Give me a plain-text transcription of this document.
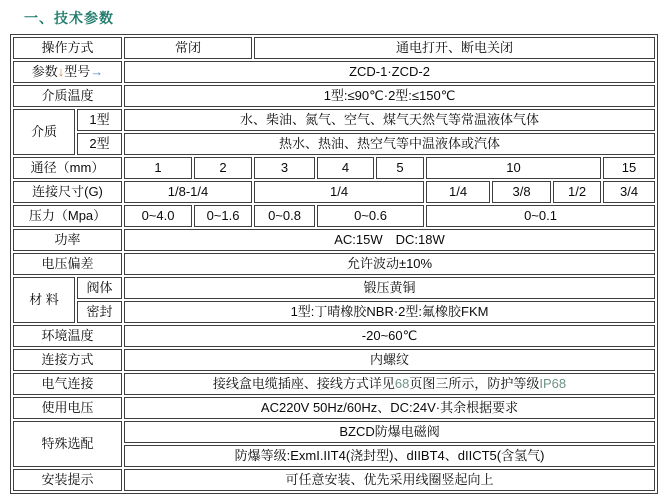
一、技术参数
操作方式		常闭		通电打开、断电关闭						
参数↓型号→		ZCD-1·ZCD-2								
介质温度		1型:≤90℃·2型:≤150℃								
介质	1型	水、柴油、氮气、空气、煤气天然气等常温液体气体								
	2型	热水、热油、热空气等中温液体或汽体								
通径（mm）		1	2	3	4	5	10			15
连接尺寸(G)		1/8-1/4		1/4			1/4	3/8	1/2	3/4
压力（Mpa）		0~4.0	0~1.6	0~0.8	0~0.6		0~0.1			
功率		AC:15W　DC:18W								
电压偏差		允许波动±10%								
材 料	阀体	锻压黄铜								
	密封	1型:丁晴橡胶NBR·2型:氟橡胶FKM								
环境温度		-20~60℃								
连接方式		内螺纹								
电气连接		接线盒电缆插座、接线方式详见68页图三所示，防护等级IP68								
使用电压		AC220V 50Hz/60Hz、DC:24V·其余根据要求								
特殊选配		BZCD防爆电磁阀								
		防爆等级:ExmI.IIT4(浇封型)、dIIBT4、dIICT5(含氢气)								
安装提示		可任意安装、优先采用线圈竖起向上								
